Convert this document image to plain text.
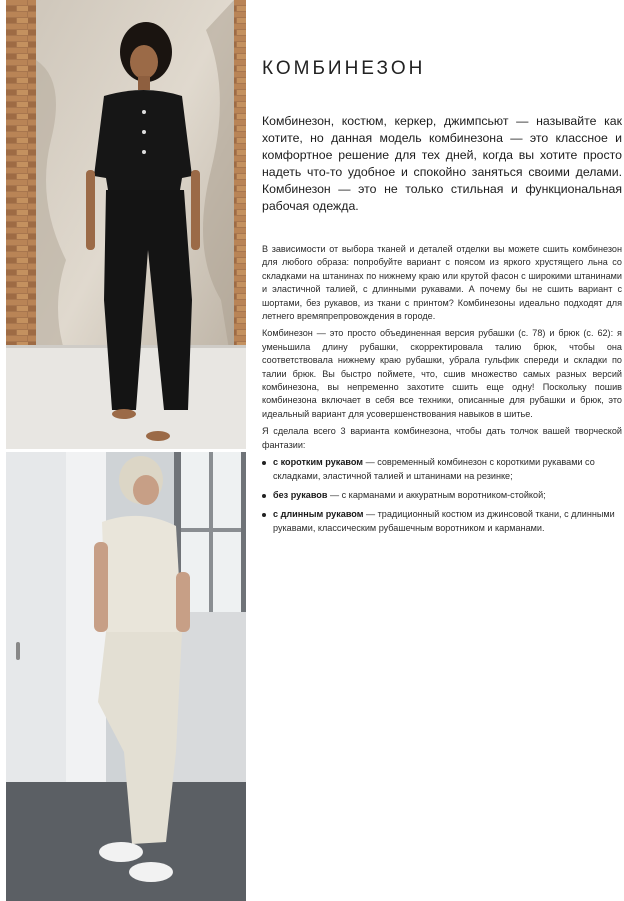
КОМБИНЕЗОН

Комбинезон, костюм, керкер, джимпсьют — называйте как хотите, но данная модель комбинезона — это классное и комфортное решение для тех дней, когда вы хотите просто надеть что-то удобное и спокойно заняться своими делами. Комбинезон — это не только стильная и функциональная рабочая одежда.

В зависимости от выбора тканей и деталей отделки вы можете сшить комбинезон для любого образа: попробуйте вариант с поясом из яркого хрустящего льна со складками на штанинах по нижнему краю или крутой фасон с широкими штанинами и эластичной талией, с длинными рукавами. А почему бы не сшить вариант с шортами, без рукавов, из ткани с принтом? Комбинезоны идеально подходят для летнего времяпрепровождения в городе.

Комбинезон — это просто объединенная версия рубашки (с. 78) и брюк (с. 62): я уменьшила длину рубашки, скорректировала талию брюк, чтобы она соответствовала нижнему краю рубашки, убрала гульфик спереди и складки по талии брюк. Вы быстро поймете, что, сшив множество самых разных версий комбинезона, вы непременно захотите сшить еще одну! Поскольку пошив комбинезона включает в себя все техники, описанные для рубашки и брюк, это идеальный вариант для усовершенствования навыков в шитье.

Я сделала всего 3 варианта комбинезона, чтобы дать толчок вашей творческой фантазии:

с коротким рукавом — современный комбинезон с короткими рукавами со складками, эластичной талией и штанинами на резинке;
без рукавов — с карманами и аккуратным воротником-стойкой;
с длинным рукавом — традиционный костюм из джинсовой ткани, с длинными рукавами, классическим рубашечным воротником и карманами.
